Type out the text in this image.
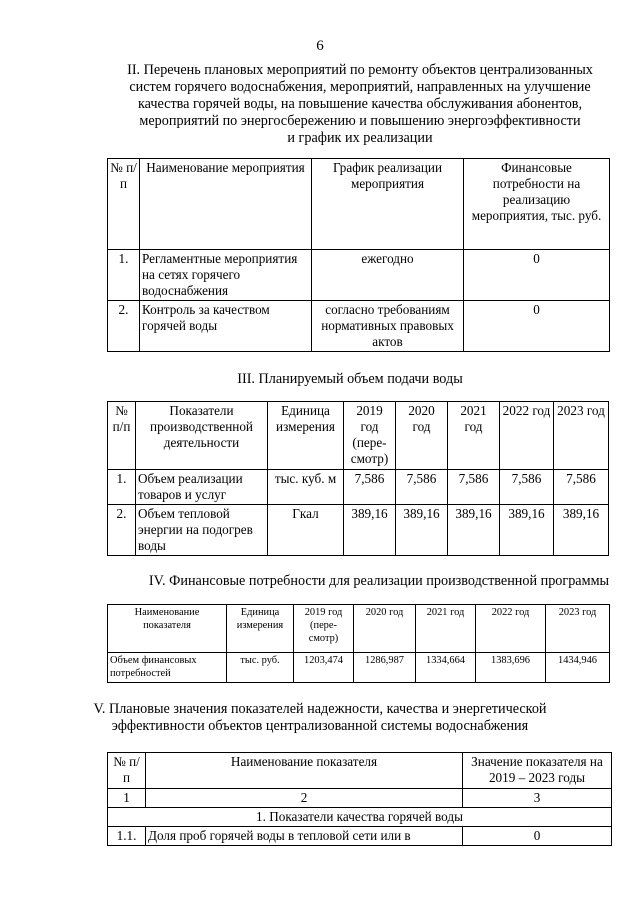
6
II. Перечень плановых мероприятий по ремонту объектов централизованных
систем горячего водоснабжения, мероприятий, направленных на улучшение
качества горячей воды, на повышение качества обслуживания абонентов,
мероприятий по энергосбережению и повышению энергоэффективности
и график их реализации
№ п/п	Наименование мероприятия	График реализации мероприятия	Финансовые потребности на реализацию мероприятия, тыс. руб.
1.	Регламентные мероприятия на сетях горячего водоснабжения	ежегодно	0
2.	Контроль за качеством горячей воды	согласно требованиям нормативных правовых актов	0
III. Планируемый объем подачи воды
№ п/п	Показатели производственной деятельности	Единица измерения	2019 год (пере-смотр)	2020 год	2021 год	2022 год	2023 год
1.	Объем реализации товаров и услуг	тыс. куб. м	7,586	7,586	7,586	7,586	7,586
2.	Объем тепловой энергии на подогрев воды	Гкал	389,16	389,16	389,16	389,16	389,16
IV. Финансовые потребности для реализации производственной программы
Наименование показателя	Единица измерения	2019 год (пере-смотр)	2020 год	2021 год	2022 год	2023 год
Объем финансовых потребностей	тыс. руб.	1203,474	1286,987	1334,664	1383,696	1434,946
V. Плановые значения показателей надежности, качества и энергетической
эффективности объектов централизованной системы водоснабжения
№ п/п	Наименование показателя	Значение показателя на 2019 – 2023 годы
1	2	3
1. Показатели качества горячей воды		
1.1.	Доля проб горячей воды в тепловой сети или в	0
